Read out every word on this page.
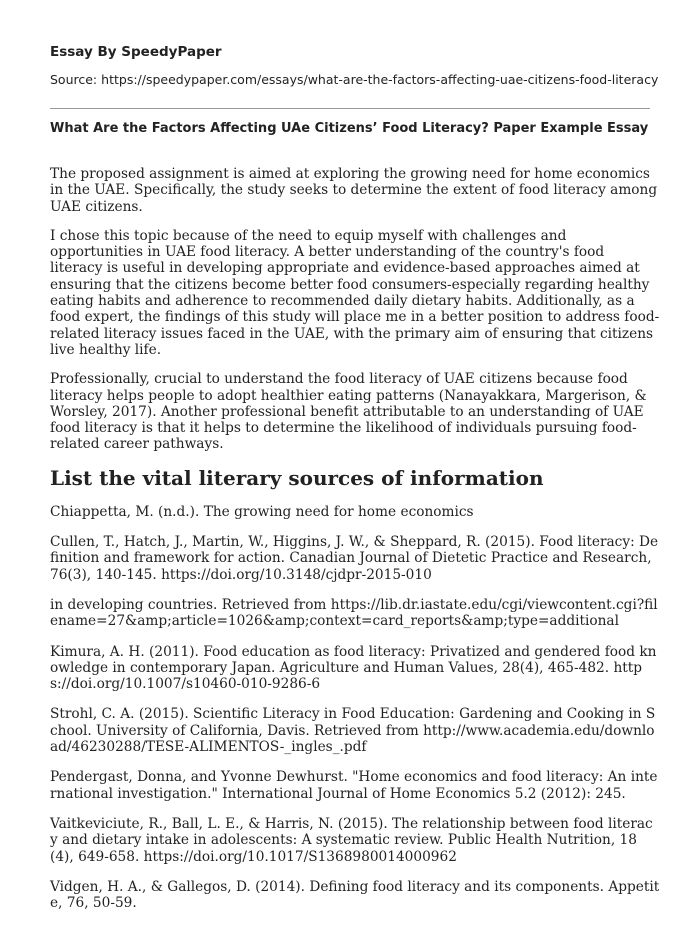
Essay By SpeedyPaper
Source: https://speedypaper.com/essays/what-are-the-factors-affecting-uae-citizens-food-literacy
What Are the Factors Affecting UAe Citizens’ Food Literacy? Paper Example Essay

The proposed assignment is aimed at exploring the growing need for home economics in the UAE. Specifically, the study seeks to determine the extent of food literacy among UAE citizens.

I chose this topic because of the need to equip myself with challenges and opportunities in UAE food literacy. A better understanding of the country's food literacy is useful in developing appropriate and evidence-based approaches aimed at ensuring that the citizens become better food consumers-especially regarding healthy eating habits and adherence to recommended daily dietary habits. Additionally, as a food expert, the findings of this study will place me in a better position to address food-related literacy issues faced in the UAE, with the primary aim of ensuring that citizens live healthy life.

Professionally, crucial to understand the food literacy of UAE citizens because food literacy helps people to adopt healthier eating patterns (Nanayakkara, Margerison, & Worsley, 2017). Another professional benefit attributable to an understanding of UAE food literacy is that it helps to determine the likelihood of individuals pursuing food-related career pathways.

List the vital literary sources of information

Chiappetta, M. (n.d.). The growing need for home economics

Cullen, T., Hatch, J., Martin, W., Higgins, J. W., & Sheppard, R. (2015). Food literacy: Definition and framework for action. Canadian Journal of Dietetic Practice and Research, 76(3), 140-145. https://doi.org/10.3148/cjdpr-2015-010

in developing countries. Retrieved from https://lib.dr.iastate.edu/cgi/viewcontent.cgi?filename=27&amp;article=1026&amp;context=card_reports&amp;type=additional

Kimura, A. H. (2011). Food education as food literacy: Privatized and gendered food knowledge in contemporary Japan. Agriculture and Human Values, 28(4), 465-482. https://doi.org/10.1007/s10460-010-9286-6

Strohl, C. A. (2015). Scientific Literacy in Food Education: Gardening and Cooking in School. University of California, Davis. Retrieved from http://www.academia.edu/download/46230288/TESE-ALIMENTOS-_ingles_.pdf

Pendergast, Donna, and Yvonne Dewhurst. "Home economics and food literacy: An international investigation." International Journal of Home Economics 5.2 (2012): 245.

Vaitkeviciute, R., Ball, L. E., & Harris, N. (2015). The relationship between food literacy and dietary intake in adolescents: A systematic review. Public Health Nutrition, 18(4), 649-658. https://doi.org/10.1017/S1368980014000962

Vidgen, H. A., & Gallegos, D. (2014). Defining food literacy and its components. Appetite, 76, 50-59.
